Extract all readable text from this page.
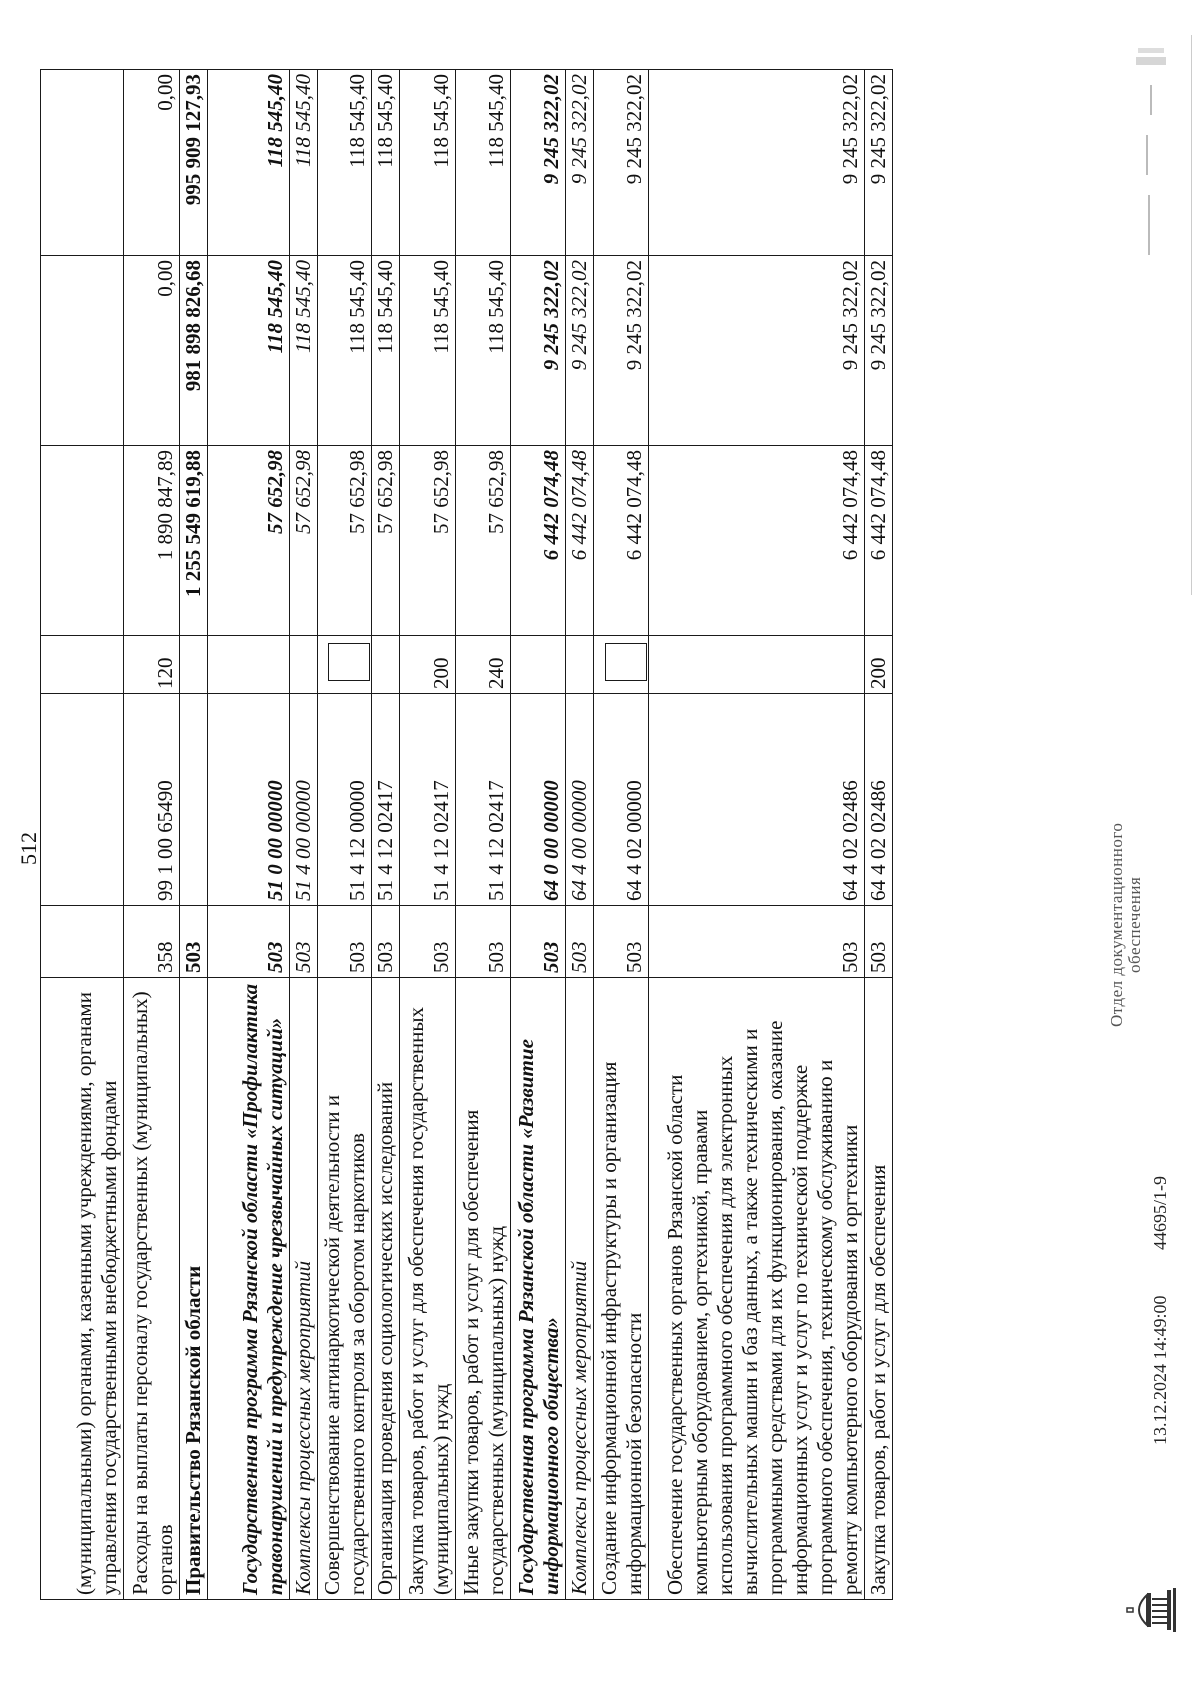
512
(муниципальными) органами, казенными учреждениями, органами управления государственными внебюджетными фондами						
Расходы на выплаты персоналу государственных (муниципальных) органов	358	99 1 00 65490	120	1 890 847,89	0,00	0,00
Правительство Рязанской области	503			1 255 549 619,88	981 898 826,68	995 909 127,93
Государственная программа Рязанской области «Профилактика правонарушений и предупреждение чрезвычайных ситуаций»	503	51 0 00 00000		57 652,98	118 545,40	118 545,40
Комплексы процессных мероприятий	503	51 4 00 00000		57 652,98	118 545,40	118 545,40
Совершенствование антинаркотической деятельности и государственного контроля за оборотом наркотиков	503	51 4 12 00000		57 652,98	118 545,40	118 545,40
Организация проведения социологических исследований	503	51 4 12 02417		57 652,98	118 545,40	118 545,40
Закупка товаров, работ и услуг для обеспечения государственных (муниципальных) нужд	503	51 4 12 02417	200	57 652,98	118 545,40	118 545,40
Иные закупки товаров, работ и услуг для обеспечения государственных (муниципальных) нужд	503	51 4 12 02417	240	57 652,98	118 545,40	118 545,40
Государственная программа Рязанской области «Развитие информационного общества»	503	64 0 00 00000		6 442 074,48	9 245 322,02	9 245 322,02
Комплексы процессных мероприятий	503	64 4 00 00000		6 442 074,48	9 245 322,02	9 245 322,02
Создание информационной инфраструктуры и организация информационной безопасности	503	64 4 02 00000		6 442 074,48	9 245 322,02	9 245 322,02
Обеспечение государственных органов Рязанской области компьютерным оборудованием, оргтехникой, правами использования программного обеспечения для электронных вычислительных машин и баз данных, а также техническими и программными средствами для их функционирования, оказание информационных услуг и услуг по технической поддержке программного обеспечения, техническому обслуживанию и ремонту компьютерного оборудования и оргтехники	503	64 4 02 02486		6 442 074,48	9 245 322,02	9 245 322,02
Закупка товаров, работ и услуг для обеспечения	503	64 4 02 02486	200	6 442 074,48	9 245 322,02	9 245 322,02
13.12.2024 14:49:00
44695/1-9
Отдел документационного обеспечения
